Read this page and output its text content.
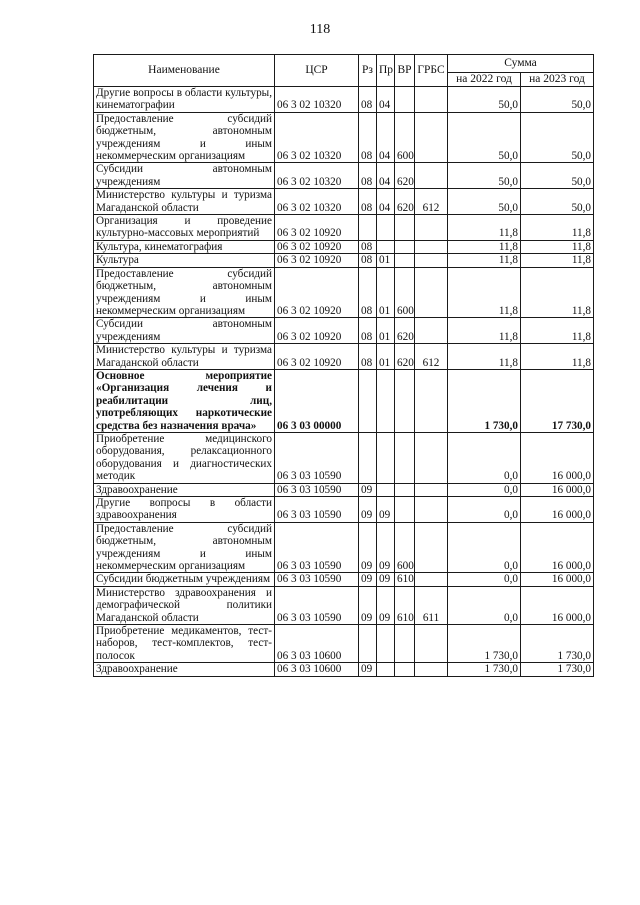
118
Наименование	ЦСР	Рз	Пр	ВР	ГРБС	Сумма	
						на 2022 год	на 2023 год
Другие вопросы в области культуры, кинематографии	06 3 02 10320	08	04			50,0	50,0
Предоставление субсидий бюджетным, автономным учреждениям и иным некоммерческим организациям	06 3 02 10320	08	04	600		50,0	50,0
Субсидии автономным учреждениям	06 3 02 10320	08	04	620		50,0	50,0
Министерство культуры и туризма Магаданской области	06 3 02 10320	08	04	620	612	50,0	50,0
Организация и проведение культурно-массовых мероприятий	06 3 02 10920					11,8	11,8
Культура, кинематография	06 3 02 10920	08				11,8	11,8
Культура	06 3 02 10920	08	01			11,8	11,8
Предоставление субсидий бюджетным, автономным учреждениям и иным некоммерческим организациям	06 3 02 10920	08	01	600		11,8	11,8
Субсидии автономным учреждениям	06 3 02 10920	08	01	620		11,8	11,8
Министерство культуры и туризма Магаданской области	06 3 02 10920	08	01	620	612	11,8	11,8
Основное мероприятие «Организация лечения и реабилитации лиц, употребляющих наркотические средства без назначения врача»	06 3 03 00000					1 730,0	17 730,0
Приобретение медицинского оборудования, релаксационного оборудования и диагностических методик	06 3 03 10590					0,0	16 000,0
Здравоохранение	06 3 03 10590	09				0,0	16 000,0
Другие вопросы в области здравоохранения	06 3 03 10590	09	09			0,0	16 000,0
Предоставление субсидий бюджетным, автономным учреждениям и иным некоммерческим организациям	06 3 03 10590	09	09	600		0,0	16 000,0
Субсидии бюджетным учреждениям	06 3 03 10590	09	09	610		0,0	16 000,0
Министерство здравоохранения и демографической политики Магаданской области	06 3 03 10590	09	09	610	611	0,0	16 000,0
Приобретение медикаментов, тест-наборов, тест-комплектов, тест-полосок	06 3 03 10600					1 730,0	1 730,0
Здравоохранение	06 3 03 10600	09				1 730,0	1 730,0
